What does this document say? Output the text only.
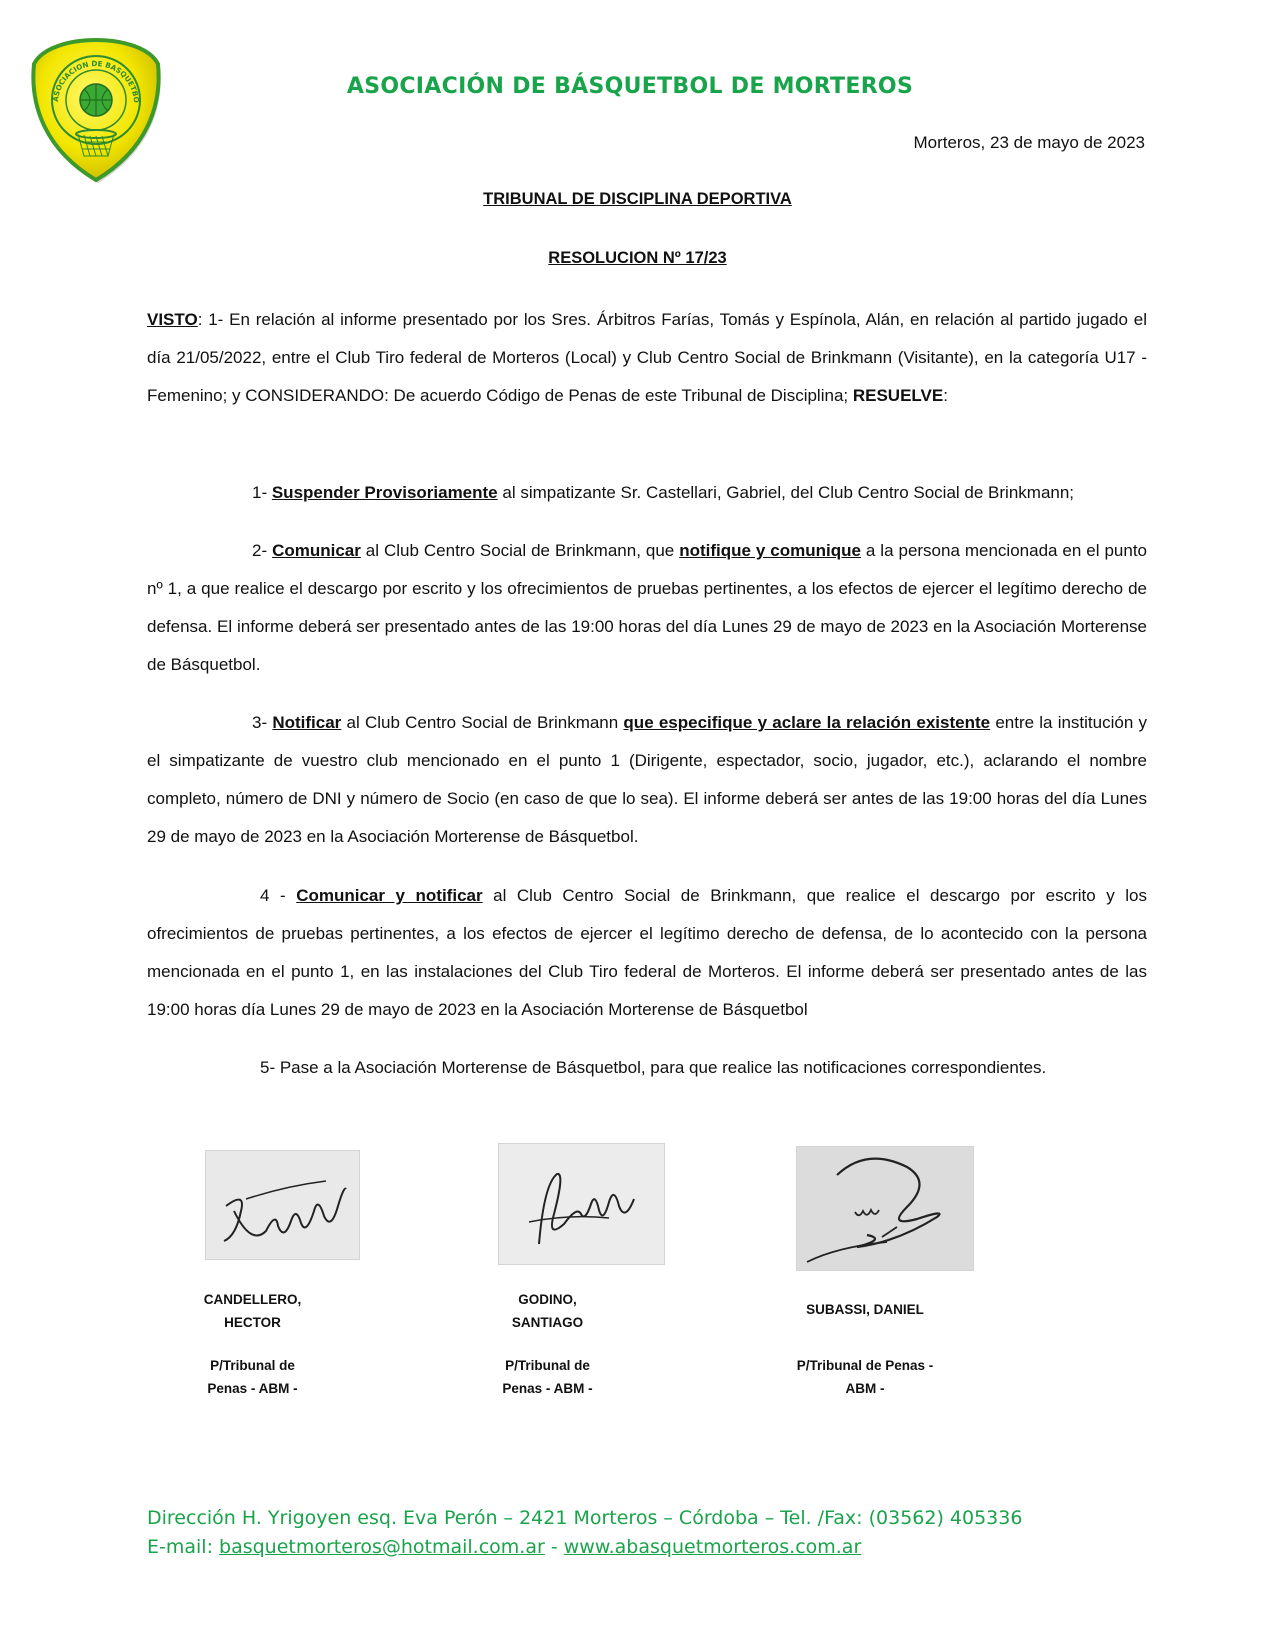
ASOCIACION DE BASQUETBO
ASOCIACIÓN DE BÁSQUETBOL DE MORTEROS
Morteros, 23 de mayo de 2023

TRIBUNAL DE DISCIPLINA DEPORTIVA

RESOLUCION Nº 17/23

VISTO: 1- En relación al informe presentado por los Sres. Árbitros Farías, Tomás y Espínola, Alán, en relación al partido jugado el día 21/05/2022, entre el Club Tiro federal de Morteros (Local) y Club Centro Social de Brinkmann (Visitante), en la categoría U17 - Femenino; y CONSIDERANDO: De acuerdo Código de Penas de este Tribunal de Disciplina; RESUELVE:

1- Suspender Provisoriamente al simpatizante Sr. Castellari, Gabriel, del Club Centro Social de Brinkmann;

2- Comunicar al Club Centro Social de Brinkmann, que notifique y comunique a la persona mencionada en el punto nº 1, a que realice el descargo por escrito y los ofrecimientos de pruebas pertinentes, a los efectos de ejercer el legítimo derecho de defensa. El informe deberá ser presentado antes de las 19:00 horas del día Lunes 29 de mayo de 2023 en la Asociación Morterense de Básquetbol.

3- Notificar al Club Centro Social de Brinkmann que especifique y aclare la relación existente entre la institución y el simpatizante de vuestro club mencionado en el punto 1 (Dirigente, espectador, socio, jugador, etc.), aclarando el nombre completo, número de DNI y número de Socio (en caso de que lo sea). El informe deberá ser antes de las 19:00 horas del día Lunes 29 de mayo de 2023 en la Asociación Morterense de Básquetbol.

4 - Comunicar y notificar al Club Centro Social de Brinkmann, que realice el descargo por escrito y los ofrecimientos de pruebas pertinentes, a los efectos de ejercer el legítimo derecho de defensa, de lo acontecido con la persona mencionada en el punto 1, en las instalaciones del Club Tiro federal de Morteros. El informe deberá ser presentado antes de las 19:00 horas día Lunes 29 de mayo de 2023 en la Asociación Morterense de Básquetbol

5- Pase a la Asociación Morterense de Básquetbol, para que realice las notificaciones correspondientes.

CANDELLERO,
HECTOR
GODINO,
SANTIAGO
SUBASSI, DANIEL
P/Tribunal de
Penas - ABM -
P/Tribunal de
Penas - ABM -
P/Tribunal de Penas -
ABM -
Dirección H. Yrigoyen esq. Eva Perón – 2421 Morteros – Córdoba – Tel. /Fax: (03562) 405336
E-mail: basquetmorteros@hotmail.com.ar - www.abasquetmorteros.com.ar
